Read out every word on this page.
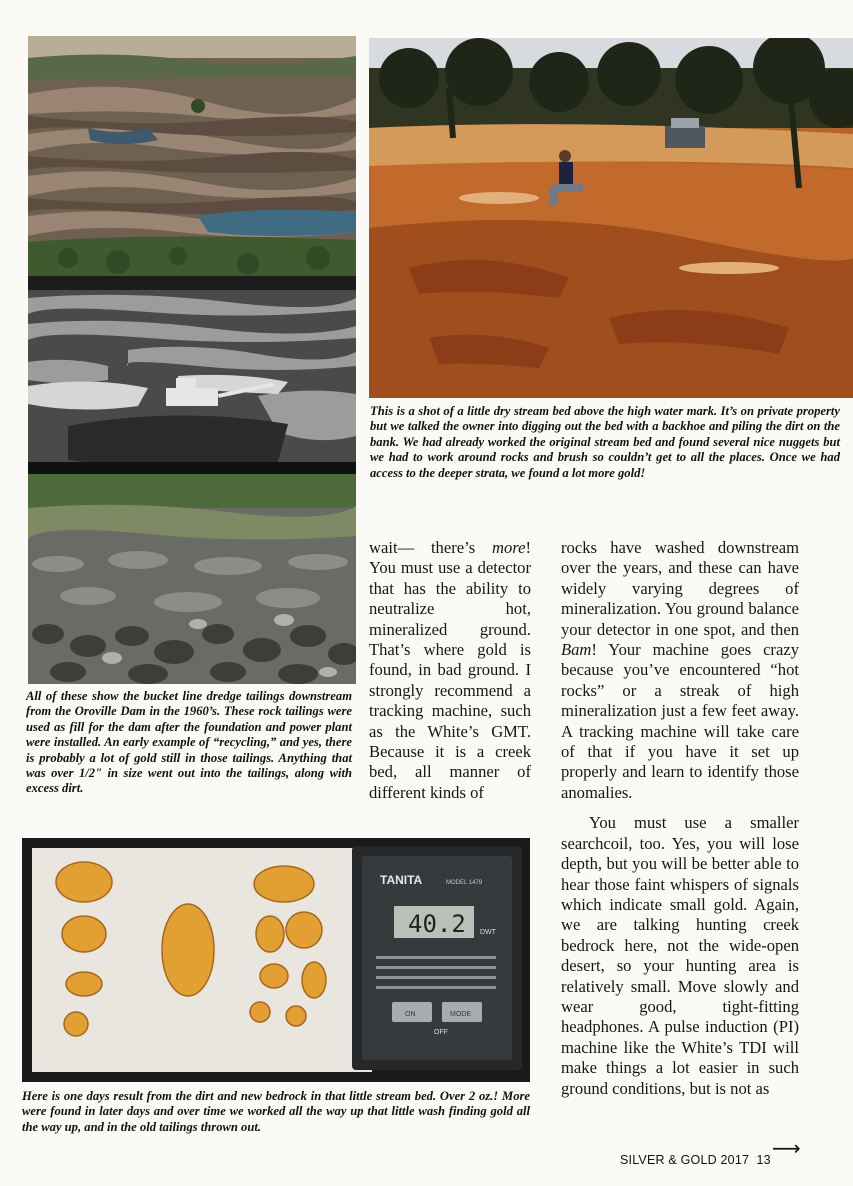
TANITA	MODEL 1479
40.2 DWT
ON	MODE
OFF
This is a shot of a little dry stream bed above the high water mark. It’s on private property but we talked the owner into digging out the bed with a backhoe and piling the dirt on the bank. We had already worked the original stream bed and found several nice nuggets but we had to work around rocks and brush so couldn’t get to all the places. Once we had access to the deeper strata, we found a lot more gold!
All of these show the bucket line dredge tailings downstream from the Oroville Dam in the 1960’s. These rock tailings were used as fill for the dam after the foundation and power plant were installed. An early example of “recycling,” and yes, there is probably a lot of gold still in those tailings. Anything that was over 1/2" in size went out into the tailings, along with excess dirt.
Here is one days result from the dirt and new bedrock in that little stream bed. Over 2 oz.! More were found in later days and over time we worked all the way up that little wash finding gold all the way up, and in the old tailings thrown out.

wait— there’s more! You must use a detector that has the ability to neutralize hot, mineralized ground. That’s where gold is found, in bad ground. I strongly recommend a tracking machine, such as the White’s GMT. Because it is a creek bed, all manner of different kinds of

rocks have washed downstream over the years, and these can have widely varying degrees of mineralization. You ground balance your detector in one spot, and then Bam! Your machine goes crazy because you’ve encountered “hot rocks” or a streak of high mineralization just a few feet away. A tracking machine will take care of that if you have it set up properly and learn to identify those anomalies.

You must use a smaller searchcoil, too. Yes, you will lose depth, but you will be better able to hear those faint whispers of signals which indicate small gold. Again, we are talking hunting creek bedrock here, not the wide-open desert, so your hunting area is relatively small. Move slowly and wear good, tight-fitting headphones. A pulse induction (PI) machine like the White’s TDI will make things a lot easier in such ground conditions, but is not as

⟶
SILVER & GOLD 2017  13
